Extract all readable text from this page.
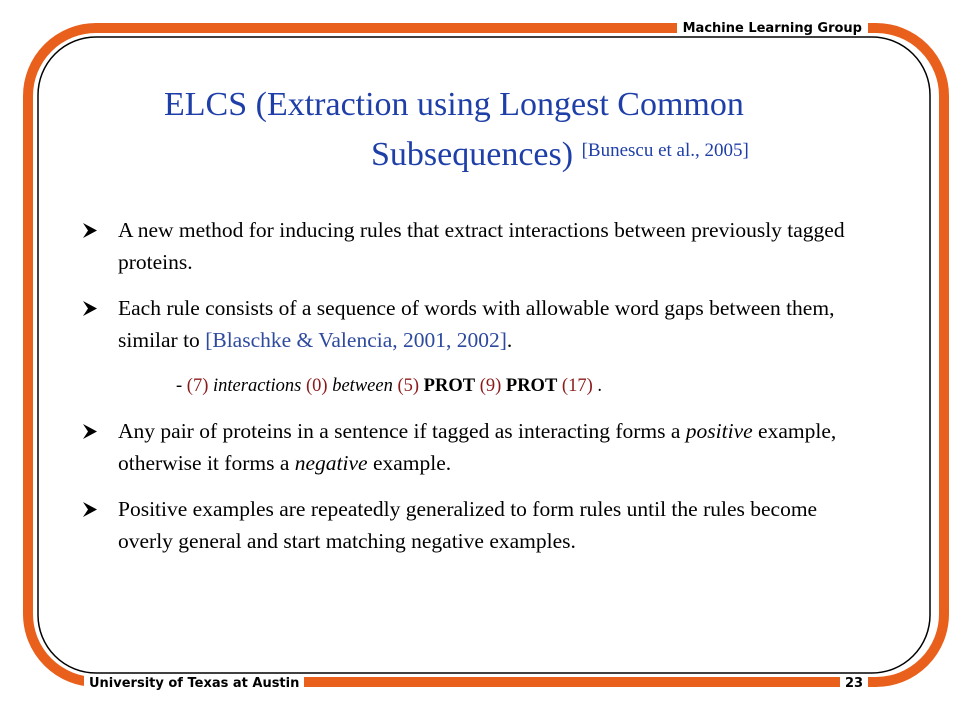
Machine Learning Group
ELCS (Extraction using Longest Common
Subsequences) [Bunescu et al., 2005]
A new method for inducing rules that extract interactions between previously tagged proteins.
Each rule consists of a sequence of words with allowable word gaps between them, similar to [Blaschke & Valencia, 2001, 2002].
- (7) interactions (0) between (5) PROT (9) PROT (17) .
Any pair of proteins in a sentence if tagged as interacting forms a positive example, otherwise it forms a negative example.
Positive examples are repeatedly generalized to form rules until the rules become overly general and start matching negative examples.
University of Texas at Austin	23
